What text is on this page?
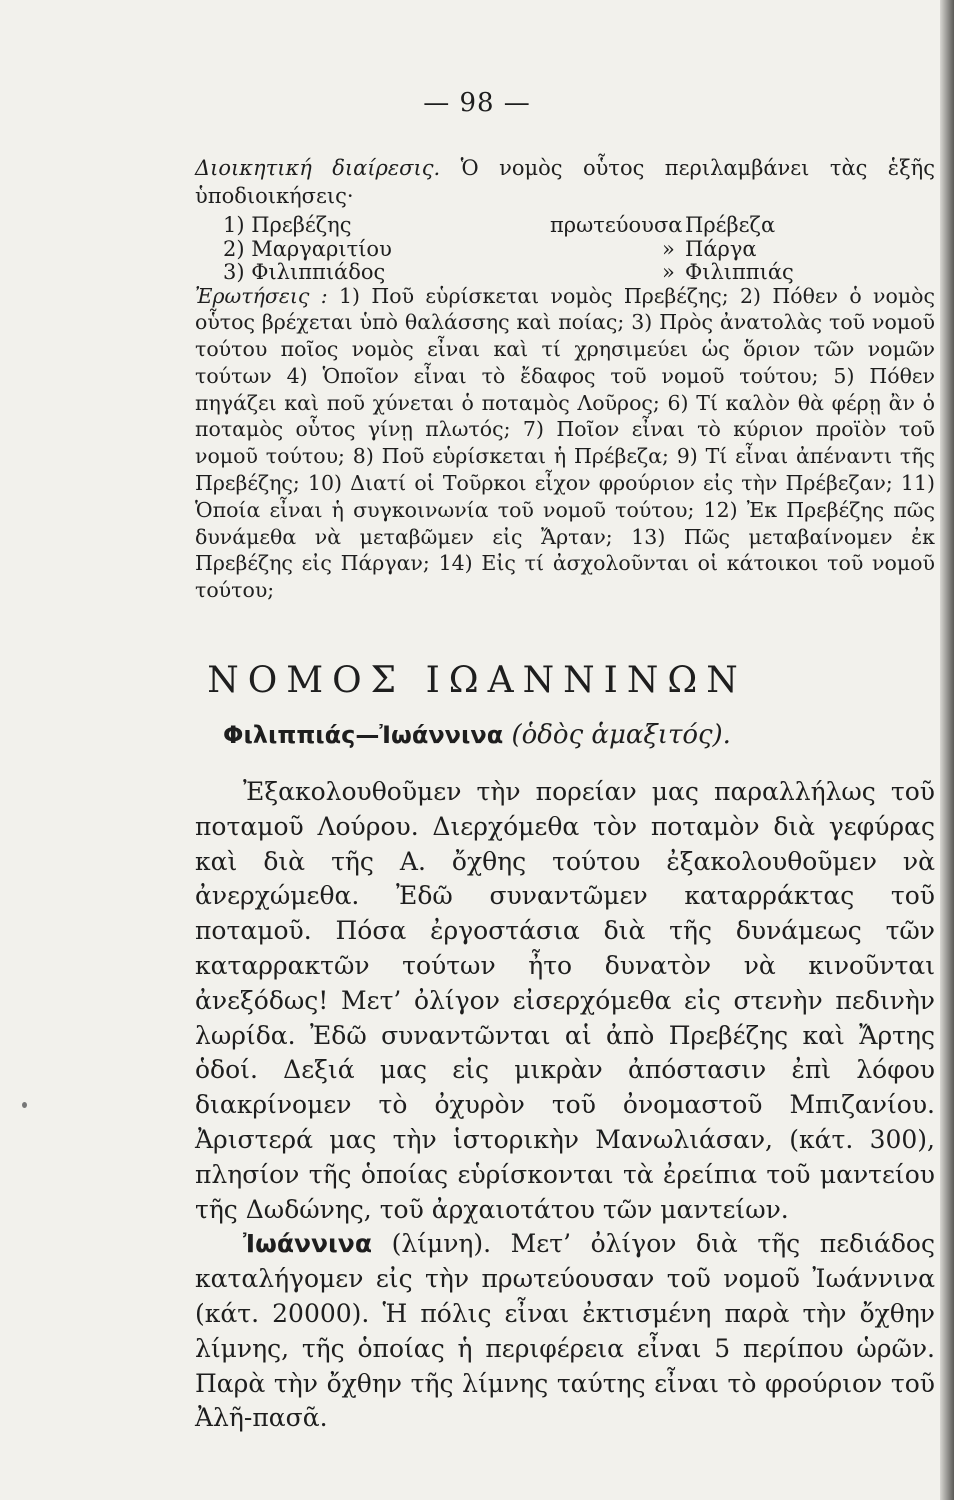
— 98 —

Διοικητική διαίρεσις. Ὁ νομὸς οὗτος περιλαμβάνει τὰς ἑξῆς ὑποδιοικήσεις·

1) Πρεβέζης	πρωτεύουσα Πρέβεζα
2) Μαργαριτίου	» Πάργα
3) Φιλιππιάδος	» Φιλιππιάς

Ἐρωτήσεις : 1) Ποῦ εὑρίσκεται νομὸς Πρεβέζης; 2) Πόθεν ὁ νομὸς οὗτος βρέχεται ὑπὸ θαλάσσης καὶ ποίας; 3) Πρὸς ἀνατολὰς τοῦ νομοῦ τούτου ποῖος νομὸς εἶναι καὶ τί χρησιμεύει ὡς ὅριον τῶν νομῶν τούτων 4) Ὁποῖον εἶναι τὸ ἔδαφος τοῦ νομοῦ τούτου; 5) Πόθεν πηγάζει καὶ ποῦ χύνεται ὁ ποταμὸς Λοῦρος; 6) Τί καλὸν θὰ φέρῃ ἂν ὁ ποταμὸς οὗτος γίνῃ πλωτός; 7) Ποῖον εἶναι τὸ κύριον προϊὸν τοῦ νομοῦ τούτου; 8) Ποῦ εὑρίσκεται ἡ Πρέβεζα; 9) Τί εἶναι ἀπέναντι τῆς Πρεβέζης; 10) Διατί οἱ Τοῦρκοι εἶχον φρούριον εἰς τὴν Πρέβεζαν; 11) Ὁποία εἶναι ἡ συγκοινωνία τοῦ νομοῦ τούτου; 12) Ἐκ Πρεβέζης πῶς δυνάμεθα νὰ μεταβῶμεν εἰς Ἄρταν; 13) Πῶς μεταβαίνομεν ἐκ Πρεβέζης εἰς Πάργαν; 14) Εἰς τί ἀσχολοῦνται οἱ κάτοικοι τοῦ νομοῦ τούτου;

ΝΟΜΟΣ ΙΩΑΝΝΙΝΩΝ
Φιλιππιάς—Ἰωάννινα (ὁδὸς ἁμαξιτός).

Ἐξακολουθοῦμεν τὴν πορείαν μας παραλλήλως τοῦ ποταμοῦ Λούρου. Διερχόμεθα τὸν ποταμὸν διὰ γεφύρας καὶ διὰ τῆς Α. ὄχθης τούτου ἐξακολουθοῦμεν νὰ ἀνερχώμεθα. Ἐδῶ συναντῶμεν καταρράκτας τοῦ ποταμοῦ. Πόσα ἐργοστάσια διὰ τῆς δυνάμεως τῶν καταρρακτῶν τούτων ἦτο δυνατὸν νὰ κινοῦνται ἀνεξόδως! Μετ’ ὀλίγον εἰσερχόμεθα εἰς στενὴν πεδινὴν λωρίδα. Ἐδῶ συναντῶνται αἱ ἀπὸ Πρεβέζης καὶ Ἄρτης ὁδοί. Δεξιά μας εἰς μικρὰν ἀπόστασιν ἐπὶ λόφου διακρίνομεν τὸ ὀχυρὸν τοῦ ὀνομαστοῦ Μπιζανίου. Ἀριστερά μας τὴν ἱστορικὴν Μανωλιάσαν, (κάτ. 300), πλησίον τῆς ὁποίας εὑρίσκονται τὰ ἐρείπια τοῦ μαντείου τῆς Δωδώνης, τοῦ ἀρχαιοτάτου τῶν μαντείων.

Ἰωάννινα (λίμνη). Μετ’ ὀλίγον διὰ τῆς πεδιάδος καταλήγομεν εἰς τὴν πρωτεύουσαν τοῦ νομοῦ Ἰωάννινα (κάτ. 20000). Ἡ πόλις εἶναι ἐκτισμένη παρὰ τὴν ὄχθην λίμνης, τῆς ὁποίας ἡ περιφέρεια εἶναι 5 περίπου ὡρῶν. Παρὰ τὴν ὄχθην τῆς λίμνης ταύτης εἶναι τὸ φρούριον τοῦ Ἀλῆ-πασᾶ.
